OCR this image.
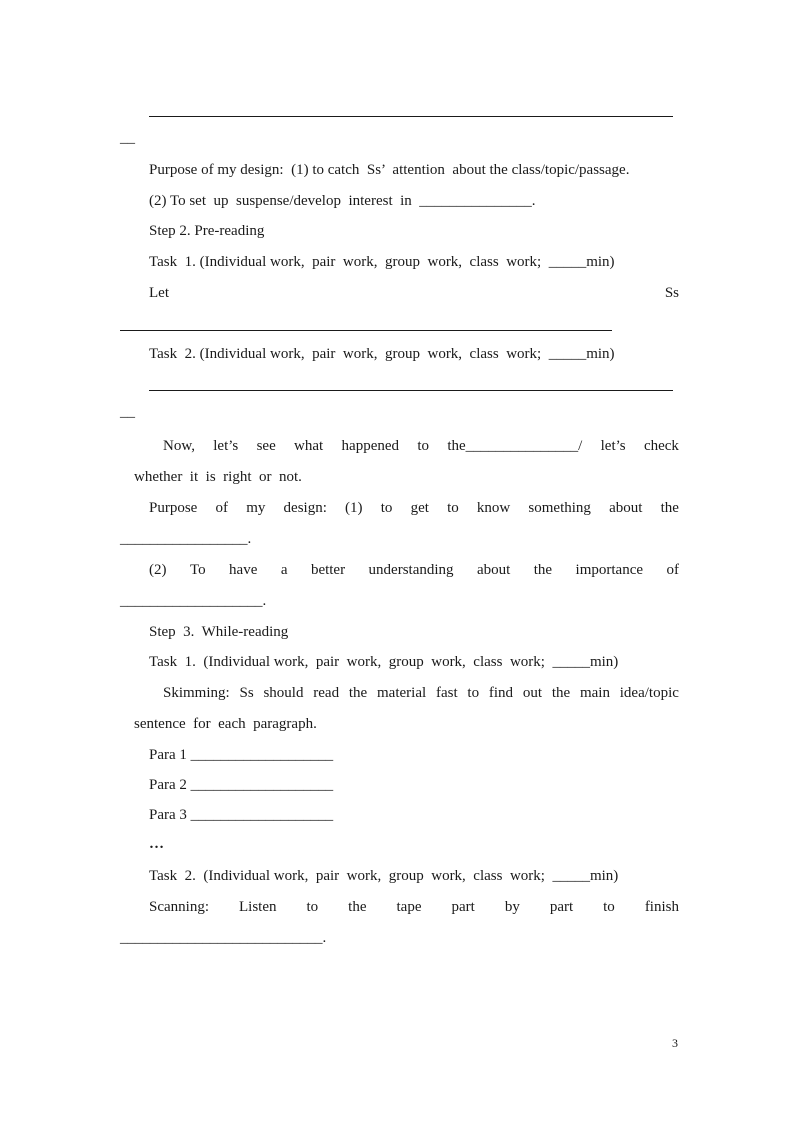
__
Purpose of my design:  (1) to catch  Ss’  attention  about the class/topic/passage.
(2) To set  up  suspense/develop  interest  in  _______________.
Step 2. Pre-reading
Task  1. (Individual work,  pair  work,  group  work,  class  work;  _____min)
Let	Ss
Task  2. (Individual work,  pair  work,  group  work,  class  work;  _____min)
__
Now, let’s see what happened to the_______________/ let’s check
whether  it  is  right  or  not.
Purpose of my design: (1) to get to know something about the
_________________.
(2) To have a better understanding about the importance of
___________________.
Step  3.  While-reading
Task  1.  (Individual work,  pair  work,  group  work,  class  work;  _____min)
Skimming: Ss should read the material fast to find out the main idea/topic
sentence  for  each  paragraph.
Para 1 ___________________
Para 2 ___________________
Para 3 ___________________
…
Task  2.  (Individual work,  pair  work,  group  work,  class  work;  _____min)
Scanning: Listen to the tape part by part to finish
___________________________.
3
